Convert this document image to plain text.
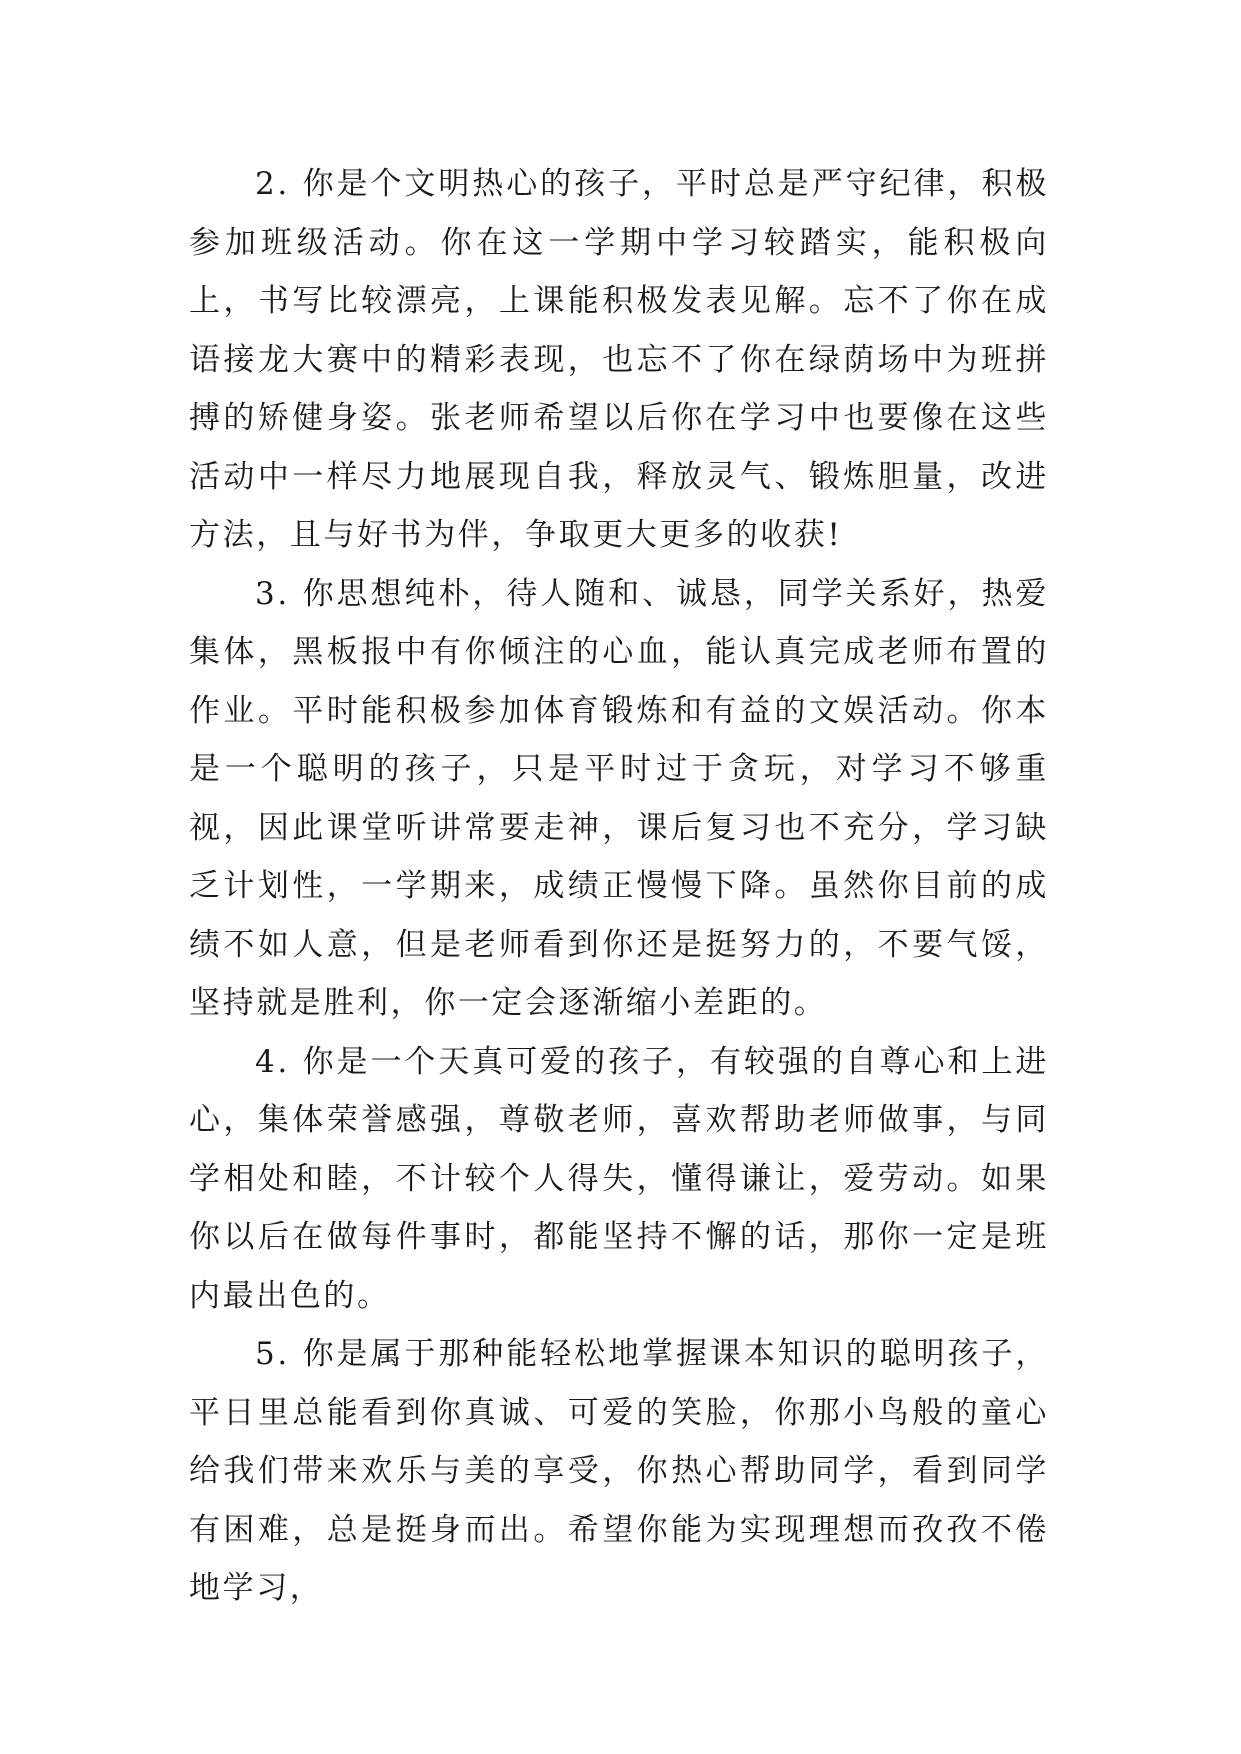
2. 你是个文明热心的孩子，平时总是严守纪律，积极参加班级活动。你在这一学期中学习较踏实，能积极向上，书写比较漂亮，上课能积极发表见解。忘不了你在成语接龙大赛中的精彩表现，也忘不了你在绿荫场中为班拼搏的矫健身姿。张老师希望以后你在学习中也要像在这些活动中一样尽力地展现自我，释放灵气、锻炼胆量，改进方法，且与好书为伴，争取更大更多的收获!

3. 你思想纯朴，待人随和、诚恳，同学关系好，热爱集体，黑板报中有你倾注的心血，能认真完成老师布置的作业。平时能积极参加体育锻炼和有益的文娱活动。你本是一个聪明的孩子，只是平时过于贪玩，对学习不够重视，因此课堂听讲常要走神，课后复习也不充分，学习缺乏计划性，一学期来，成绩正慢慢下降。虽然你目前的成绩不如人意，但是老师看到你还是挺努力的，不要气馁，坚持就是胜利，你一定会逐渐缩小差距的。

4. 你是一个天真可爱的孩子，有较强的自尊心和上进心，集体荣誉感强，尊敬老师，喜欢帮助老师做事，与同学相处和睦，不计较个人得失，懂得谦让，爱劳动。如果你以后在做每件事时，都能坚持不懈的话，那你一定是班内最出色的。

5. 你是属于那种能轻松地掌握课本知识的聪明孩子，平日里总能看到你真诚、可爱的笑脸，你那小鸟般的童心给我们带来欢乐与美的享受，你热心帮助同学，看到同学有困难，总是挺身而出。希望你能为实现理想而孜孜不倦地学习，
